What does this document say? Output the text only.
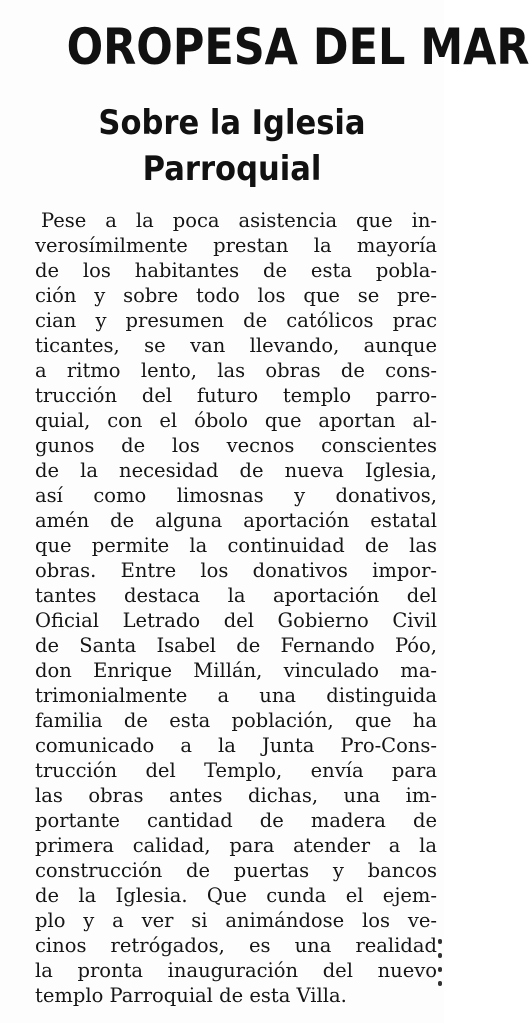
OROPESA DEL MAR
Sobre la Iglesia
Parroquial
Pese a la poca asistencia que in-
verosímilmente prestan la mayoría
de los habitantes de esta pobla-
ción y sobre todo los que se pre-
cian y presumen de católicos prac
ticantes, se van llevando, aunque
a ritmo lento, las obras de cons-
trucción del futuro templo parro-
quial, con el óbolo que aportan al-
gunos de los vecnos conscientes
de la necesidad de nueva Iglesia,
así como limosnas y donativos,
amén de alguna aportación estatal
que permite la continuidad de las
obras. Entre los donativos impor-
tantes destaca la aportación del
Oficial Letrado del Gobierno Civil
de Santa Isabel de Fernando Póo,
don Enrique Millán, vinculado ma-
trimonialmente a una distinguida
familia de esta población, que ha
comunicado a la Junta Pro-Cons-
trucción del Templo, envía para
las obras antes dichas, una im-
portante cantidad de madera de
primera calidad, para atender a la
construcción de puertas y bancos
de la Iglesia. Que cunda el ejem-
plo y a ver si animándose los ve-
cinos retrógados, es una realidad
la pronta inauguración del nuevo
templo Parroquial de esta Villa.
